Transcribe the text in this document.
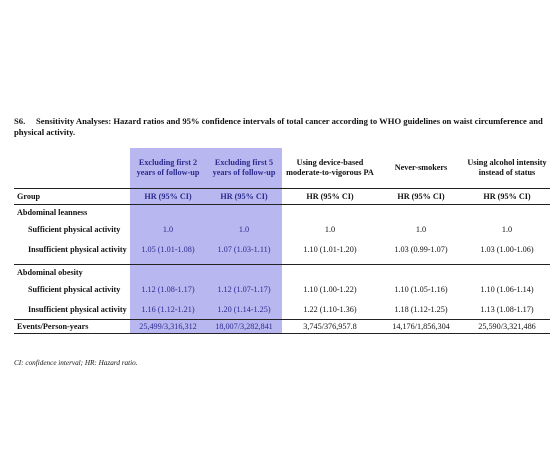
S6. Sensitivity Analyses: Hazard ratios and 95% confidence intervals of total cancer according to WHO guidelines on waist circumference and physical activity.
	Excluding first 2 years of follow-up	Excluding first 5 years of follow-up	Using device-based moderate-to-vigorous PA	Never-smokers	Using alcohol intensity instead of status
Group	HR (95% CI)	HR (95% CI)	HR (95% CI)	HR (95% CI)	HR (95% CI)
Abdominal leanness					
Sufficient physical activity	1.0	1.0	1.0	1.0	1.0
Insufficient physical activity	1.05 (1.01-1.08)	1.07 (1.03-1.11)	1.10 (1.01-1.20)	1.03 (0.99-1.07)	1.03 (1.00-1.06)

Abdominal obesity					
Sufficient physical activity	1.12 (1.08-1.17)	1.12 (1.07-1.17)	1.10 (1.00-1.22)	1.10 (1.05-1.16)	1.10 (1.06-1.14)
Insufficient physical activity	1.16 (1.12-1.21)	1.20 (1.14-1.25)	1.22 (1.10-1.36)	1.18 (1.12-1.25)	1.13 (1.08-1.17)
Events/Person-years	25,499/3,316,312	18,007/3,282,841	3,745/376,957.8	14,176/1,856,304	25,590/3,321,486
CI: confidence interval; HR: Hazard ratio.
